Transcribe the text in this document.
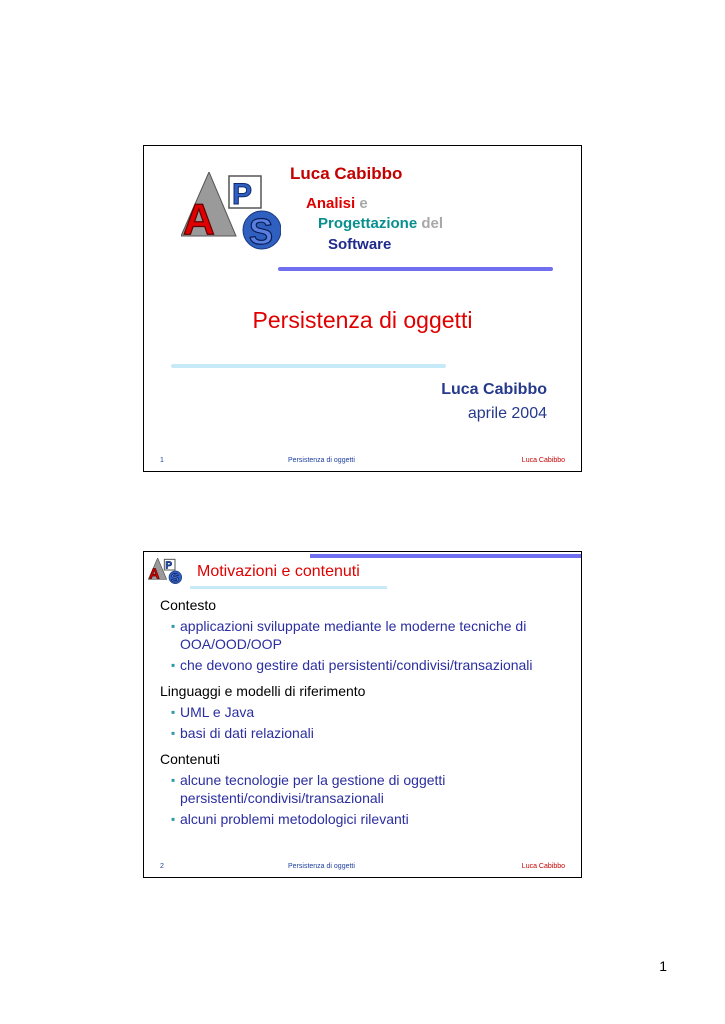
A
P
S
Luca Cabibbo
Analisi e
Progettazione del
Software
Persistenza di oggetti
Luca Cabibbo
aprile 2004
1	Persistenza di oggetti	Luca Cabibbo
A
P
S Motivazioni e contenuti
Contesto
▪ applicazioni sviluppate mediante le moderne tecniche di OOA/OOD/OOP
▪ che devono gestire dati persistenti/condivisi/transazionali
Linguaggi e modelli di riferimento
▪ UML e Java
▪ basi di dati relazionali
Contenuti
▪ alcune tecnologie per la gestione di oggetti persistenti/condivisi/transazionali
▪ alcuni problemi metodologici rilevanti
2	Persistenza di oggetti	Luca Cabibbo
1
